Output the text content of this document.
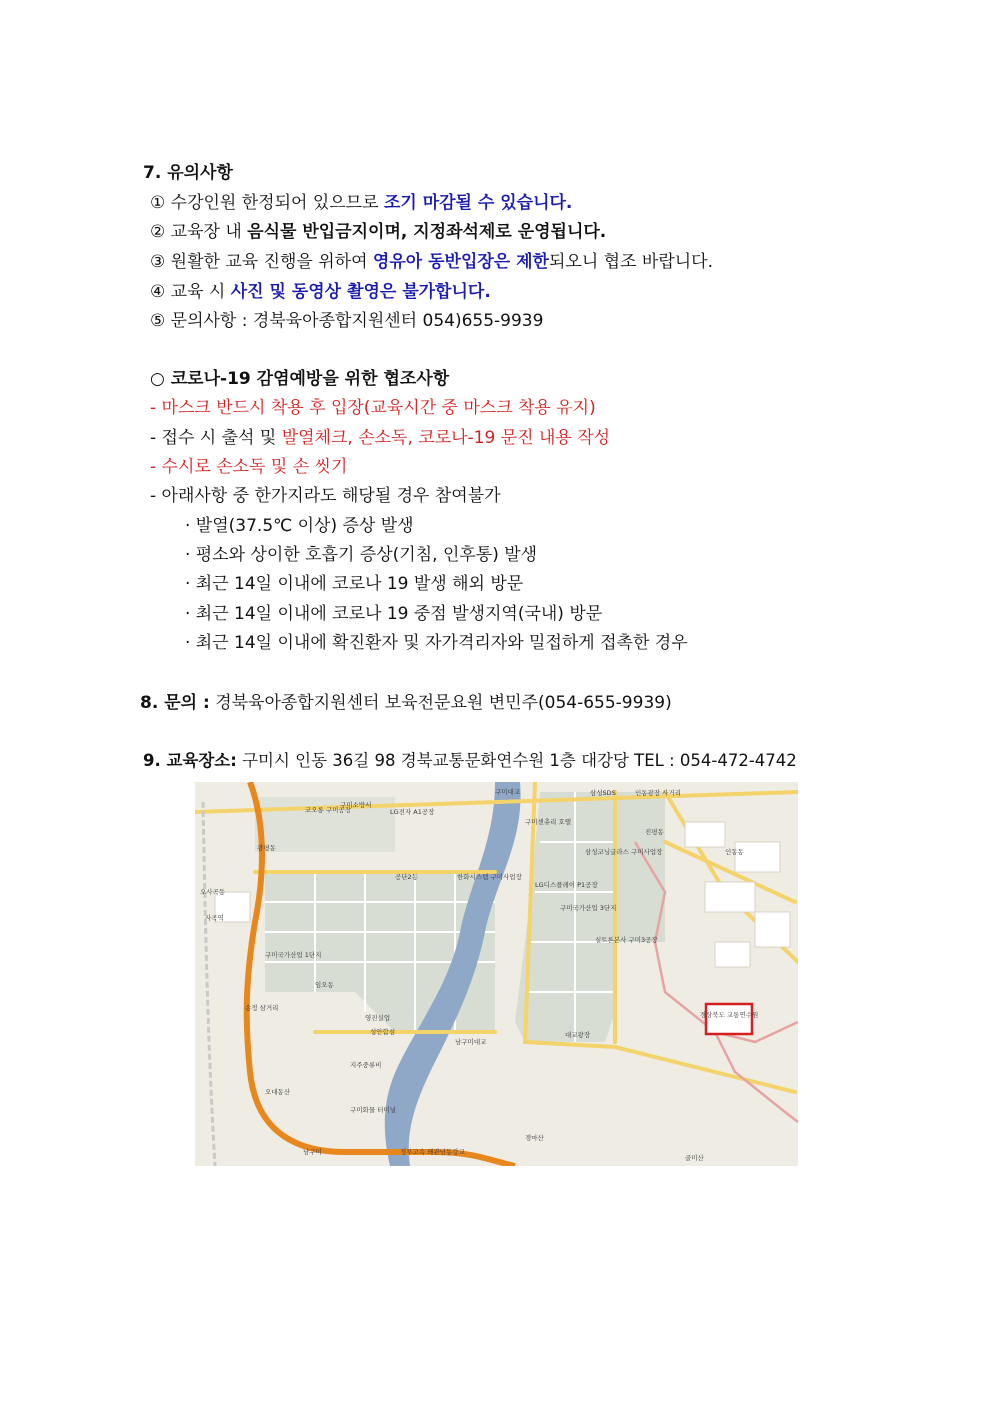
7. 유의사항
① 수강인원 한정되어 있으므로 조기 마감될 수 있습니다.
② 교육장 내 음식물 반입금지이며, 지정좌석제로 운영됩니다.
③ 원활한 교육 진행을 위하여 영유아 동반입장은 제한되오니 협조 바랍니다.
④ 교육 시 사진 및 동영상 촬영은 불가합니다.
⑤ 문의사항 : 경북육아종합지원센터 054)655-9939
○ 코로나-19 감염예방을 위한 협조사항
- 마스크 반드시 착용 후 입장(교육시간 중 마스크 착용 유지)
- 접수 시 출석 및 발열체크, 손소독, 코로나-19 문진 내용 작성
- 수시로 손소독 및 손 씻기
- 아래사항 중 한가지라도 해당될 경우 참여불가
· 발열(37.5℃ 이상) 증상 발생
· 평소와 상이한 호흡기 증상(기침, 인후통) 발생
· 최근 14일 이내에 코로나 19 발생 해외 방문
· 최근 14일 이내에 코로나 19 중점 발생지역(국내) 방문
· 최근 14일 이내에 확진환자 및 자가격리자와 밀접하게 접촉한 경우
8. 문의 : 경북육아종합지원센터 보육전문요원 변민주(054-655-9939)
9. 교육장소: 구미시 인동 36길 98 경북교통문화연수원 1층 대강당 TEL : 054-472-4742
경상북도 교통연수원
구미대교	삼성SDS	인동광장 사거리
코오롱 구미공장
구미소방서
LG전자 A1공장
구미센츄리 호텔
진평동
광평동	삼성코닝글라스 구미사업장	인동동
공단2동	한화시스템 구미사업장
LG디스플레이 P1공장
오사곡동
사곡역
구미국가산업 3단지
구미국가산업 1단지
실트론본사 구미3공장
임오동
송정 삼거리
영진실업
성안합섬
남구미대교
대교광장
지주중류비
오대동산
구미화물 터미널
남구미	경부고속 왜관남동강교
경마산
골미산
